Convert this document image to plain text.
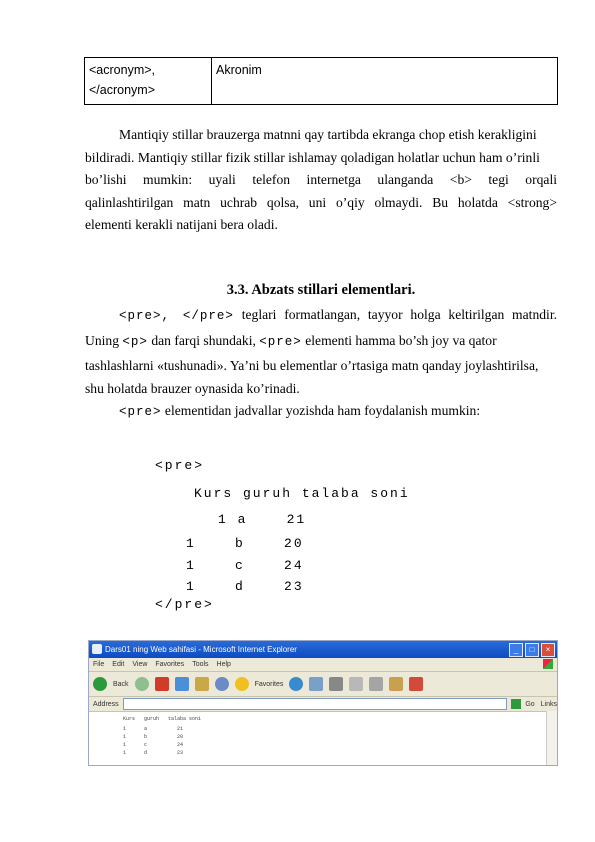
<acronym>,
</acronym>
	Akronim
Mantiqiy stillar brauzerga matnni qay tartibda ekranga chop etish kerakligini
bildiradi. Mantiqiy stillar fizik stillar ishlamay qoladigan holatlar uchun ham o’rinli
bo’lishi mumkin: uyali telefon internetga ulanganda <b> tegi orqali
qalinlashtirilgan matn uchrab qolsa, uni o’qiy olmaydi. Bu holatda <strong>
elementi kerakli natijani bera oladi.
3.3. Abzats stillari elementlari.
<pre>, </pre> teglari formatlangan, tayyor holga keltirilgan matndir.
Uning <p> dan farqi shundaki, <pre> elementi hamma bo’sh joy va qator
tashlashlarni «tushunadi». Ya’ni bu elementlar o’rtasiga matn qanday joylashtirilsa,
shu holatda brauzer oynasida ko’rinadi.
<pre> elementidan jadvallar yozishda ham foydalanish mumkin:
<pre>
Kurs guruh talaba soni
1 a    21
1    b    20
1    c    24
1    d    23
</pre>
Dars01 ning Web sahifasi - Microsoft Internet Explorer	_	□	×
File Edit View Favorites Tools Help
Back	Favorites
Address	Go Links
Kurs   guruh   talaba soni
1      a          21
1      b          20
1      c          24
1      d          23
